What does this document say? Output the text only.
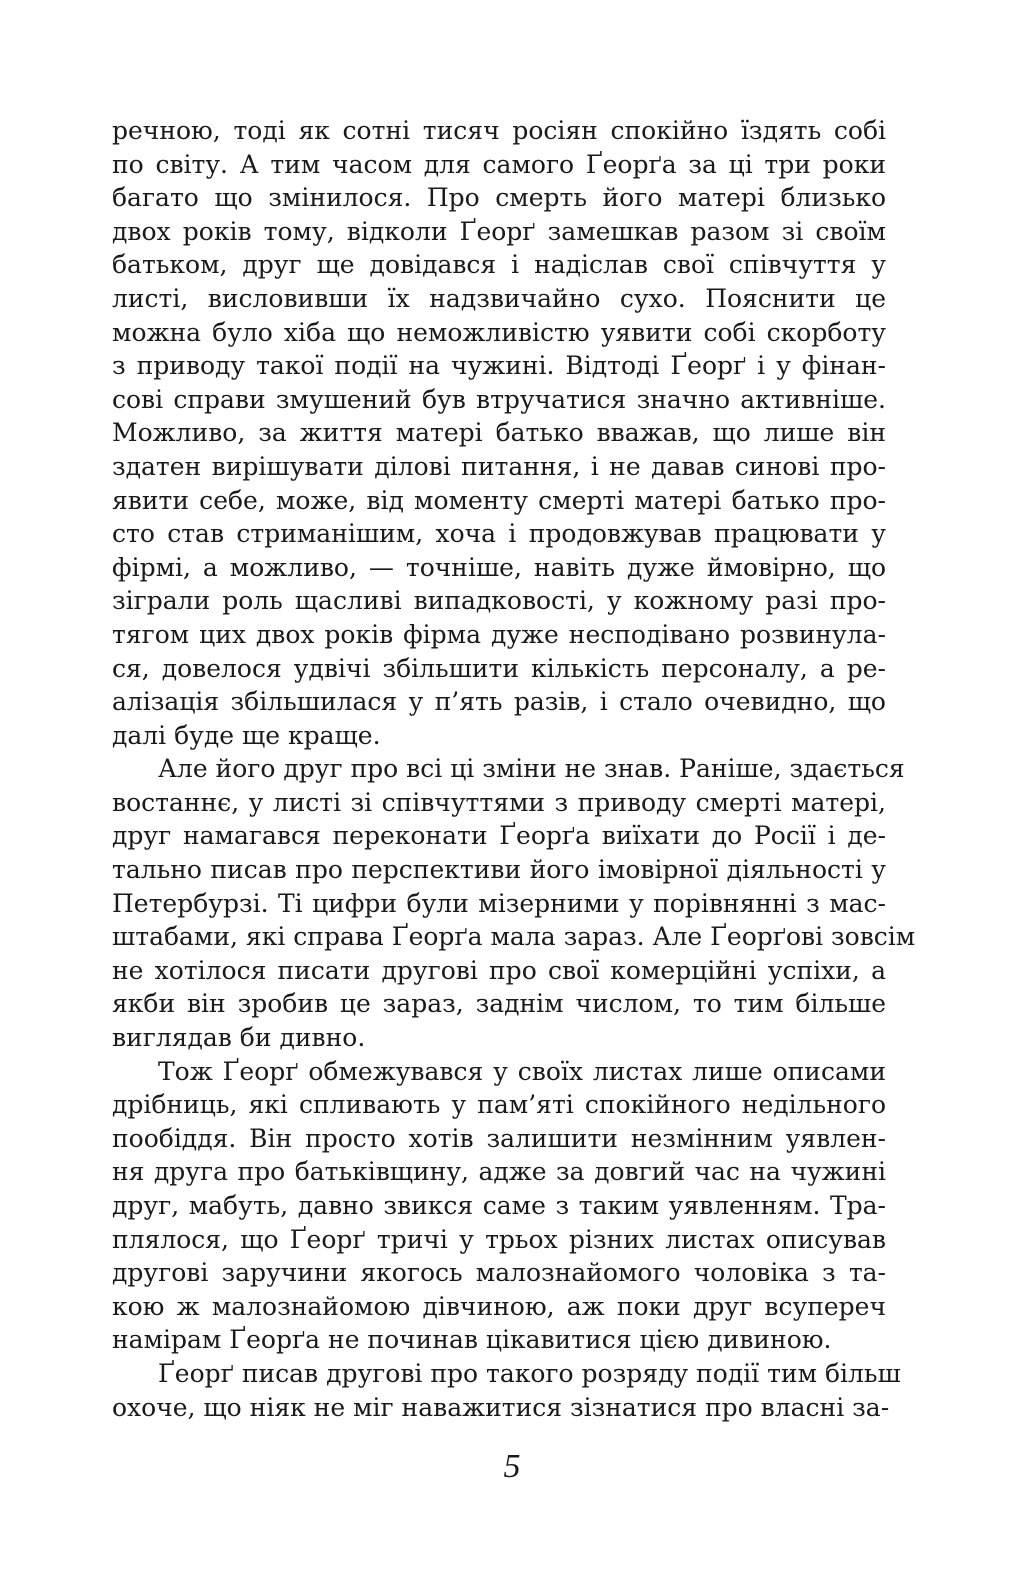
речною, тоді як сотні тисяч росіян спокійно їздять собі
по світу. А тим часом для самого Ґеорґа за ці три роки
багато що змінилося. Про смерть його матері близько
двох років тому, відколи Ґеорґ замешкав разом зі своїм
батьком, друг ще довідався і надіслав свої співчуття у
листі, висловивши їх надзвичайно сухо. Пояснити це
можна було хіба що неможливістю уявити собі скорботу
з приводу такої події на чужині. Відтоді Ґеорґ і у фінан-
сові справи змушений був втручатися значно активніше.
Можливо, за життя матері батько вважав, що лише він
здатен вирішувати ділові питання, і не давав синові про-
явити себе, може, від моменту смерті матері батько про-
сто став стриманішим, хоча і продовжував працювати у
фірмі, а можливо, — точніше, навіть дуже ймовірно, що
зіграли роль щасливі випадковості, у кожному разі про-
тягом цих двох років фірма дуже несподівано розвинула-
ся, довелося удвічі збільшити кількість персоналу, а ре-
алізація збільшилася у п’ять разів, і стало очевидно, що
далі буде ще краще.
Але його друг про всі ці зміни не знав. Раніше, здається
востаннє, у листі зі співчуттями з приводу смерті матері,
друг намагався переконати Ґеорґа виїхати до Росії і де-
тально писав про перспективи його імовірної діяльності у
Петербурзі. Ті цифри були мізерними у порівнянні з мас-
штабами, які справа Ґеорґа мала зараз. Але Ґеорґові зовсім
не хотілося писати другові про свої комерційні успіхи, а
якби він зробив це зараз, заднім числом, то тим більше
виглядав би дивно.
Тож Ґеорґ обмежувався у своїх листах лише описами
дрібниць, які спливають у пам’яті спокійного недільного
пообіддя. Він просто хотів залишити незмінним уявлен-
ня друга про батьківщину, адже за довгий час на чужині
друг, мабуть, давно звикся саме з таким уявленням. Тра-
плялося, що Ґеорґ тричі у трьох різних листах описував
другові заручини якогось малознайомого чоловіка з та-
кою ж малознайомою дівчиною, аж поки друг всупереч
намірам Ґеорґа не починав цікавитися цією дивиною.
Ґеорґ писав другові про такого розряду події тим більш
охоче, що ніяк не міг наважитися зізнатися про власні за-
5
